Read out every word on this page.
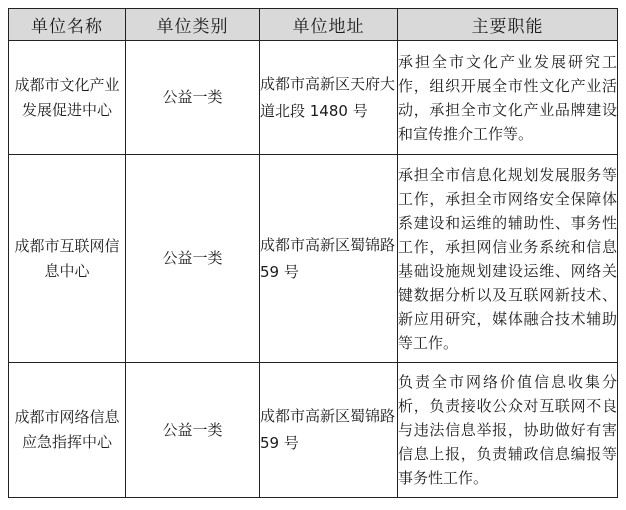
单位名称	单位类别	单位地址	主要职能
成都市文化产业发展促进中心	公益一类	成都市高新区天府大道北段 1480 号	承担全市文化产业发展研究工作，组织开展全市性文化产业活动，承担全市文化产业品牌建设和宣传推介工作等。

成都市互联网信息中心	公益一类	成都市高新区蜀锦路 59 号	承担全市信息化规划发展服务等工作，承担全市网络安全保障体系建设和运维的辅助性、事务性工作，承担网信业务系统和信息基础设施规划建设运维、网络关键数据分析以及互联网新技术、新应用研究，媒体融合技术辅助等工作。

成都市网络信息应急指挥中心	公益一类	成都市高新区蜀锦路 59 号	负责全市网络价值信息收集分析，负责接收公众对互联网不良与违法信息举报，协助做好有害信息上报，负责辅政信息编报等事务性工作。
